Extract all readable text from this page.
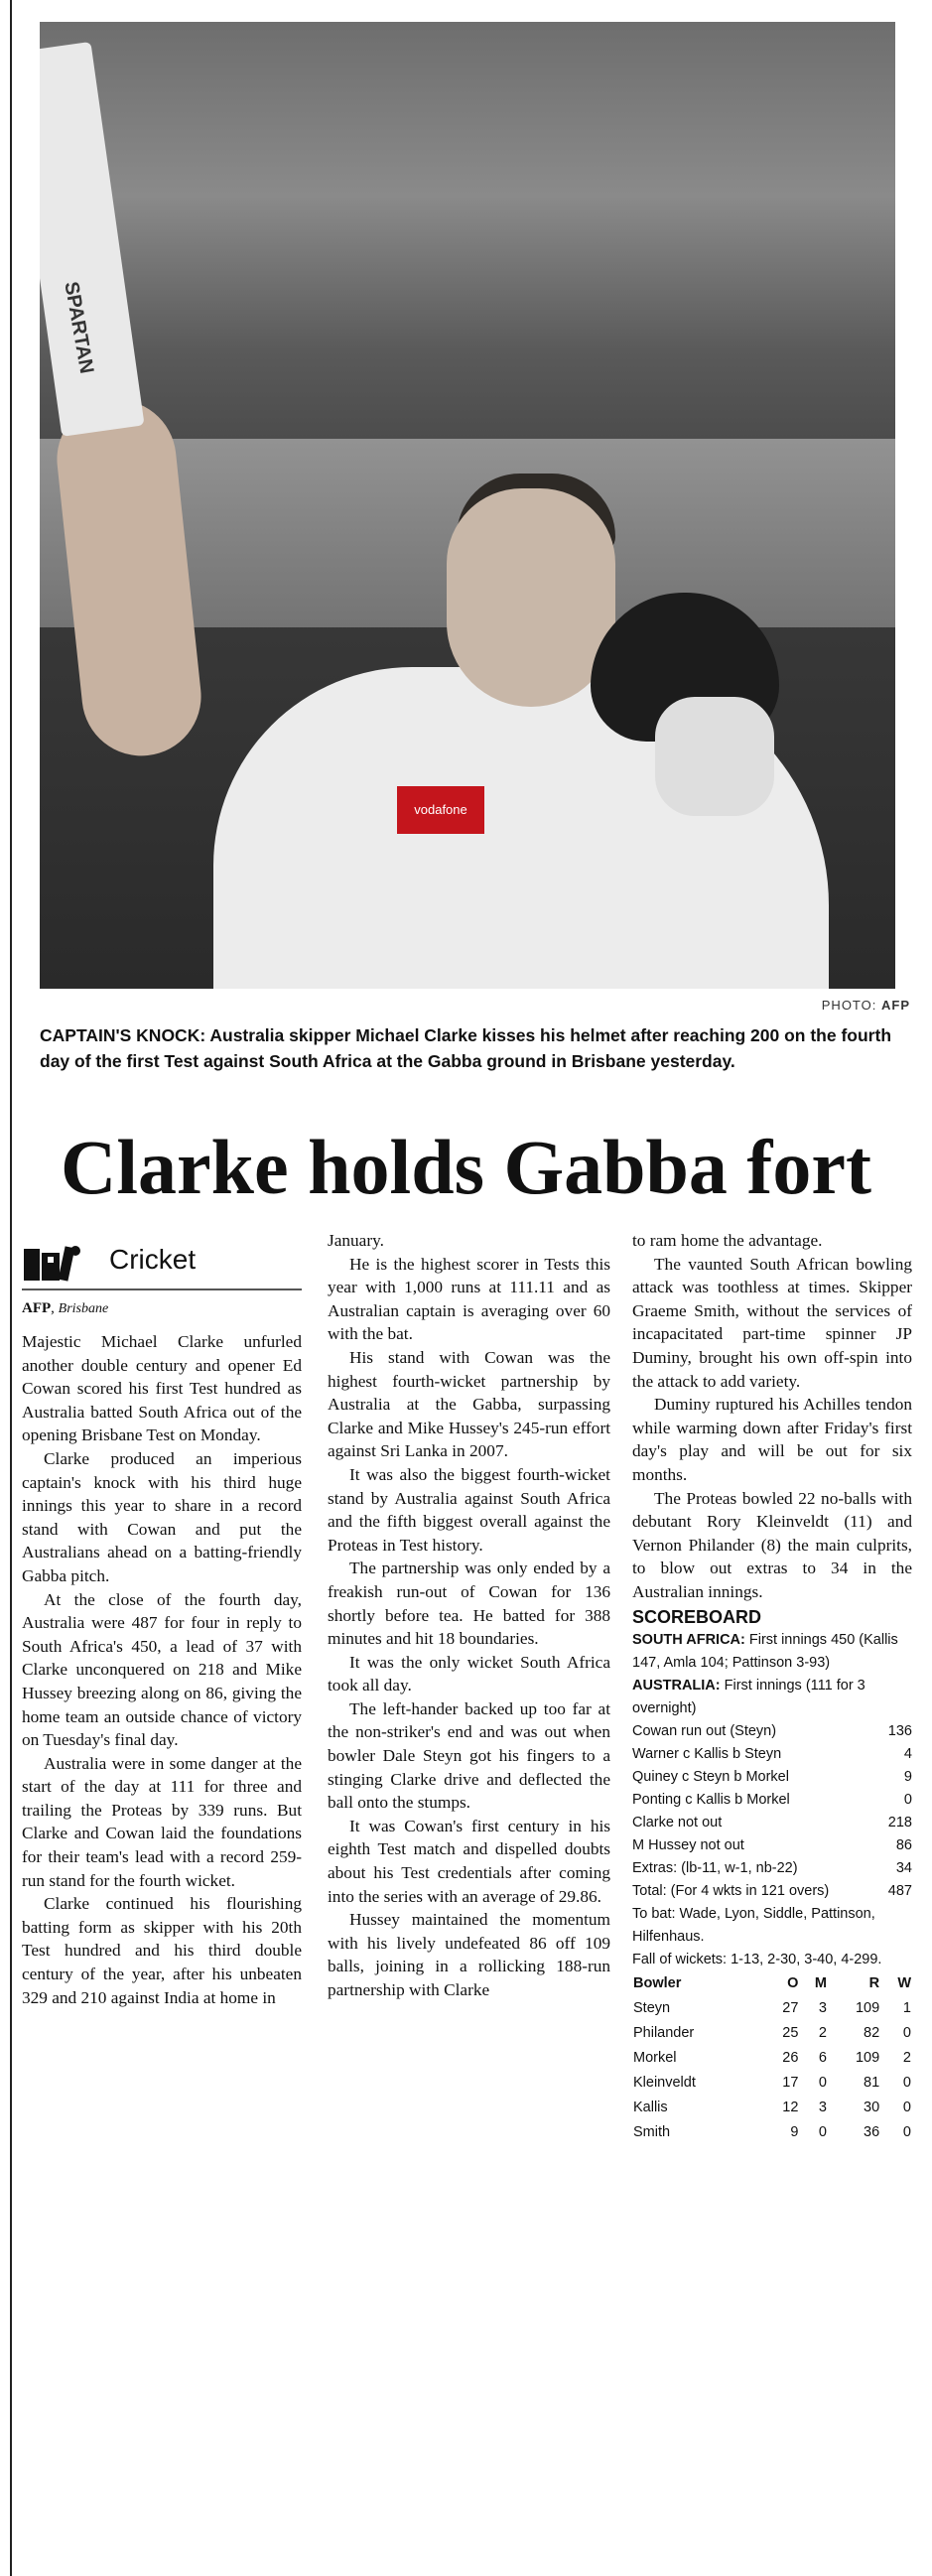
SPARTAN
vodafone
PHOTO: AFP
CAPTAIN'S KNOCK: Australia skipper Michael Clarke kisses his helmet after reaching 200 on the fourth day of the first Test against South Africa at the Gabba ground in Brisbane yesterday.
Clarke holds Gabba fort
Cricket
AFP, Brisbane

Majestic Michael Clarke unfurled another double century and opener Ed Cowan scored his first Test hundred as Australia batted South Africa out of the opening Brisbane Test on Monday.

Clarke produced an imperious captain's knock with his third huge innings this year to share in a record stand with Cowan and put the Australians ahead on a batting-friendly Gabba pitch.

At the close of the fourth day, Australia were 487 for four in reply to South Africa's 450, a lead of 37 with Clarke unconquered on 218 and Mike Hussey breezing along on 86, giving the home team an outside chance of victory on Tuesday's final day.

Australia were in some danger at the start of the day at 111 for three and trailing the Proteas by 339 runs. But Clarke and Cowan laid the foundations for their team's lead with a record 259-run stand for the fourth wicket.

Clarke continued his flourishing batting form as skipper with his 20th Test hundred and his third double century of the year, after his unbeaten 329 and 210 against India at home in

January.

He is the highest scorer in Tests this year with 1,000 runs at 111.11 and as Australian captain is averaging over 60 with the bat.

His stand with Cowan was the highest fourth-wicket partnership by Australia at the Gabba, surpassing Clarke and Mike Hussey's 245-run effort against Sri Lanka in 2007.

It was also the biggest fourth-wicket stand by Australia against South Africa and the fifth biggest overall against the Proteas in Test history.

The partnership was only ended by a freakish run-out of Cowan for 136 shortly before tea. He batted for 388 minutes and hit 18 boundaries.

It was the only wicket South Africa took all day.

The left-hander backed up too far at the non-striker's end and was out when bowler Dale Steyn got his fingers to a stinging Clarke drive and deflected the ball onto the stumps.

It was Cowan's first century in his eighth Test match and dispelled doubts about his Test credentials after coming into the series with an average of 29.86.

Hussey maintained the momentum with his lively undefeated 86 off 109 balls, joining in a rollicking 188-run partnership with Clarke

to ram home the advantage.

The vaunted South African bowling attack was toothless at times. Skipper Graeme Smith, without the services of incapacitated part-time spinner JP Duminy, brought his own off-spin into the attack to add variety.

Duminy ruptured his Achilles tendon while warming down after Friday's first day's play and will be out for six months.

The Proteas bowled 22 no-balls with debutant Rory Kleinveldt (11) and Vernon Philander (8) the main culprits, to blow out extras to 34 in the Australian innings.

SCOREBOARD
SOUTH AFRICA: First innings 450 (Kallis 147, Amla 104; Pattinson 3-93)
AUSTRALIA: First innings (111 for 3 overnight)
Cowan run out (Steyn)	136
Warner c Kallis b Steyn	4
Quiney c Steyn b Morkel	9
Ponting c Kallis b Morkel	0
Clarke not out	218
M Hussey not out	86
Extras: (lb-11, w-1, nb-22)	34
Total: (For 4 wkts in 121 overs)	487
To bat: Wade, Lyon, Siddle, Pattinson, Hilfenhaus.
Fall of wickets: 1-13, 2-30, 3-40, 4-299.
Bowler	O	M	R	W
Steyn	27	3	109	1
Philander	25	2	82	0
Morkel	26	6	109	2
Kleinveldt	17	0	81	0
Kallis	12	3	30	0
Smith	9	0	36	0
